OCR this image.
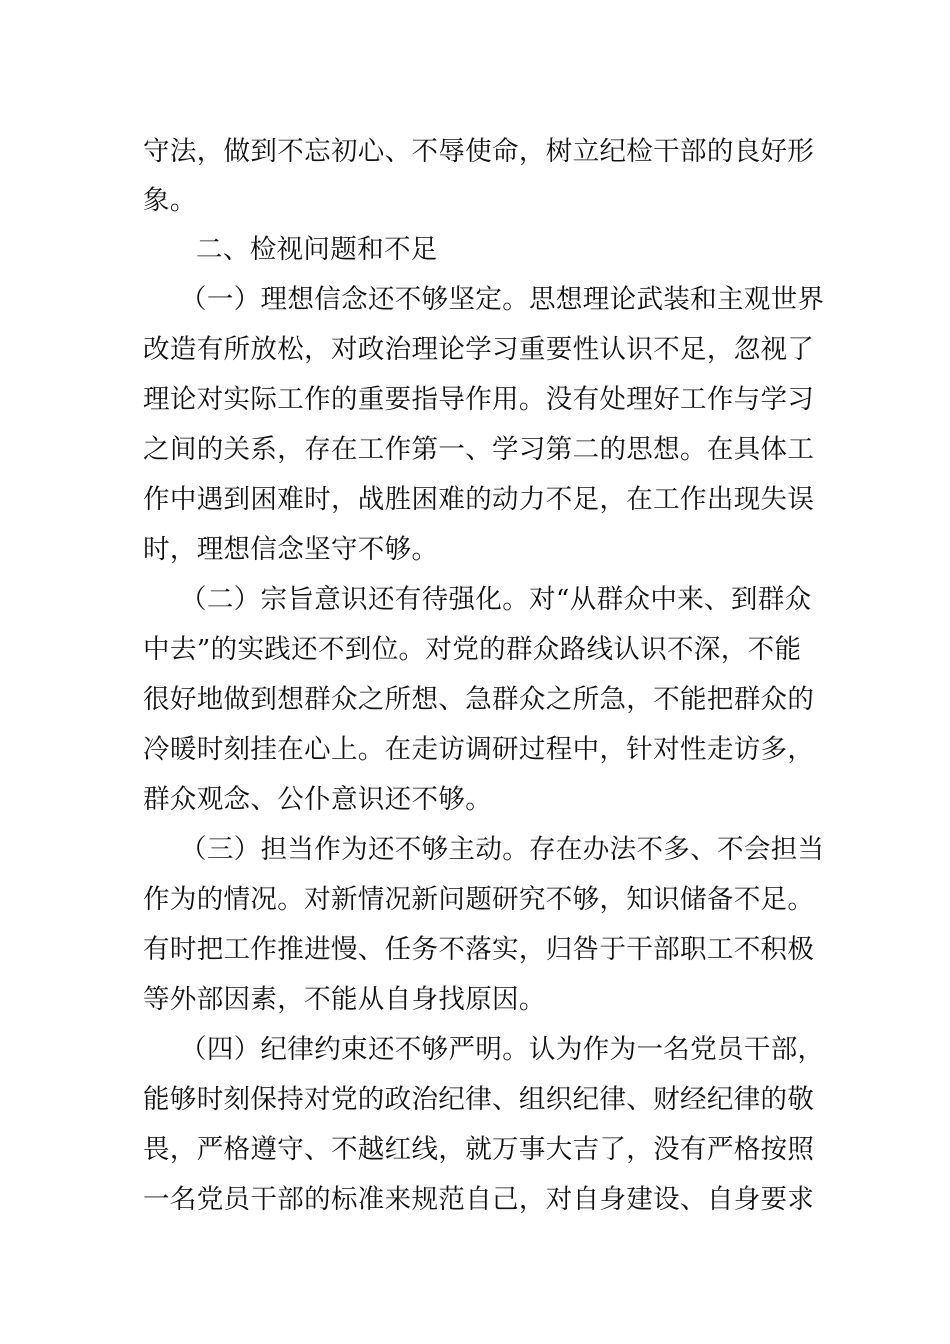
守法，做到不忘初心、不辱使命，树立纪检干部的良好形
象。
二、检视问题和不足
（一）理想信念还不够坚定。思想理论武装和主观世界
改造有所放松，对政治理论学习重要性认识不足，忽视了
理论对实际工作的重要指导作用。没有处理好工作与学习
之间的关系，存在工作第一、学习第二的思想。在具体工
作中遇到困难时，战胜困难的动力不足，在工作出现失误
时，理想信念坚守不够。
（二）宗旨意识还有待强化。对“从群众中来、到群众
中去”的实践还不到位。对党的群众路线认识不深，不能
很好地做到想群众之所想、急群众之所急，不能把群众的
冷暖时刻挂在心上。在走访调研过程中，针对性走访多，
群众观念、公仆意识还不够。
（三）担当作为还不够主动。存在办法不多、不会担当
作为的情况。对新情况新问题研究不够，知识储备不足。
有时把工作推进慢、任务不落实，归咎于干部职工不积极
等外部因素，不能从自身找原因。
（四）纪律约束还不够严明。认为作为一名党员干部，
能够时刻保持对党的政治纪律、组织纪律、财经纪律的敬
畏，严格遵守、不越红线，就万事大吉了，没有严格按照
一名党员干部的标准来规范自己，对自身建设、自身要求
